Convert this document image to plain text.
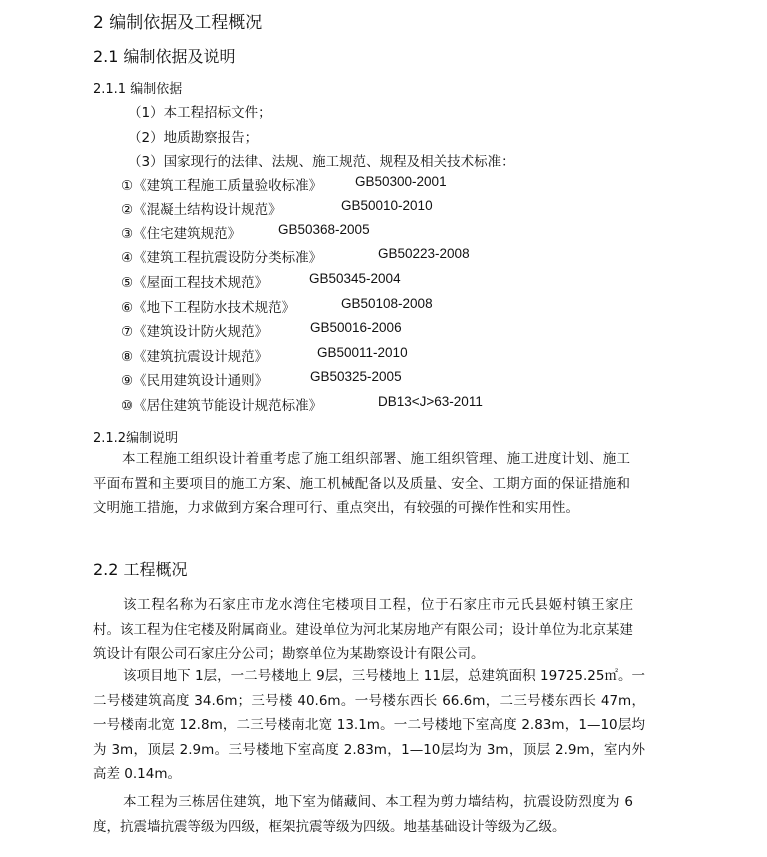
2 编制依据及工程概况
2.1 编制依据及说明
2.1.1 编制依据
（1）本工程招标文件；
（2）地质勘察报告；
（3）国家现行的法律、法规、施工规范、规程及相关技术标准：
①《建筑工程施工质量验收标准》 GB50300-2001
②《混凝土结构设计规范》	GB50010-2010
③《住宅建筑规范》	GB50368-2005
④《建筑工程抗震设防分类标准》	GB50223-2008
⑤《屋面工程技术规范》	GB50345-2004
⑥《地下工程防水技术规范》	GB50108-2008
⑦《建筑设计防火规范》	GB50016-2006
⑧《建筑抗震设计规范》	GB50011-2010
⑨《民用建筑设计通则》	GB50325-2005
⑩《居住建筑节能设计规范标准》	DB13<J>63-2011
2.1.2编制说明
本工程施工组织设计着重考虑了施工组织部署、施工组织管理、施工进度计划、施工平面布置和主要项目的施工方案、施工机械配备以及质量、安全、工期方面的保证措施和文明施工措施，力求做到方案合理可行、重点突出，有较强的可操作性和实用性。
2.2 工程概况
该工程名称为石家庄市龙水湾住宅楼项目工程，位于石家庄市元氏县姬村镇王家庄村。该工程为住宅楼及附属商业。建设单位为河北某房地产有限公司；设计单位为北京某建筑设计有限公司石家庄分公司；勘察单位为某勘察设计有限公司。
该项目地下 1层，一二号楼地上 9层，三号楼地上 11层，总建筑面积 19725.25㎡。一二号楼建筑高度 34.6m；三号楼 40.6m。一号楼东西长 66.6m，二三号楼东西长 47m，一号楼南北宽 12.8m，二三号楼南北宽 13.1m。一二号楼地下室高度 2.83m，1—10层均为 3m，顶层 2.9m。三号楼地下室高度 2.83m，1—10层均为 3m，顶层 2.9m，室内外高差 0.14m。
本工程为三栋居住建筑，地下室为储藏间、本工程为剪力墙结构，抗震设防烈度为 6度，抗震墙抗震等级为四级，框架抗震等级为四级。地基基础设计等级为乙级。
